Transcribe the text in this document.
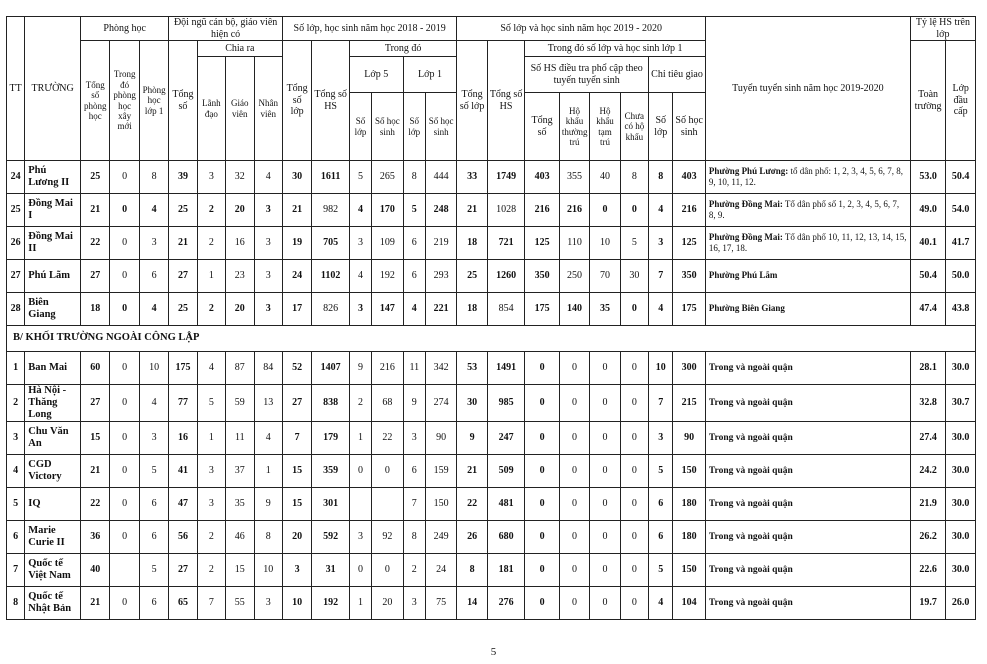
TT	TRƯỜNG	Phòng học			Đội ngũ cán bộ, giáo viên hiện có				Số lớp, học sinh năm học 2018 - 2019						Số lớp và học sinh năm học 2019 - 2020								Tuyển tuyển sinh năm học 2019-2020	Tỷ lệ HS trên lớp	
		Tổng số phòng học	Trong đó phòng học xây mới	Phòng học lớp 1	Tổng số	Chia ra			Tổng số lớp	Tổng số HS	Trong đó				Tổng số lớp	Tổng số HS	Trong đó số lớp và học sinh lớp 1							Toàn trường	Lớp đầu cấp
						Lãnh đạo	Giáo viên	Nhân viên			Lớp 5		Lớp 1				Số HS điều tra phổ cập theo tuyến tuyển sinh				Chỉ tiêu giao				
											Số lớp	Số học sinh	Số lớp	Số học sinh			Tổng số	Hộ khẩu thường trú	Hộ khẩu tạm trú	Chưa có hộ khẩu	Số lớp	Số học sinh			
24	Phú Lương II	25	0	8	39	3	32	4	30	1611	5	265	8	444	33	1749	403	355	40	8	8	403	Phường Phú Lương: tổ dân phố: 1, 2, 3, 4, 5, 6, 7, 8, 9, 10, 11, 12.	53.0	50.4
25	Đồng Mai I	21	0	4	25	2	20	3	21	982	4	170	5	248	21	1028	216	216	0	0	4	216	Phường Đồng Mai: Tổ dân phố số 1, 2, 3, 4, 5, 6, 7, 8, 9.	49.0	54.0
26	Đồng Mai II	22	0	3	21	2	16	3	19	705	3	109	6	219	18	721	125	110	10	5	3	125	Phường Đồng Mai: Tổ dân phố 10, 11, 12, 13, 14, 15, 16, 17, 18.	40.1	41.7
27	Phú Lãm	27	0	6	27	1	23	3	24	1102	4	192	6	293	25	1260	350	250	70	30	7	350	Phường Phú Lãm	50.4	50.0
28	Biên Giang	18	0	4	25	2	20	3	17	826	3	147	4	221	18	854	175	140	35	0	4	175	Phường Biên Giang	47.4	43.8
B/ KHỐI TRƯỜNG NGOÀI CÔNG LẬP																									
1	Ban Mai	60	0	10	175	4	87	84	52	1407	9	216	11	342	53	1491	0	0	0	0	10	300	Trong và ngoài quận	28.1	30.0
2	Hà Nội - Thăng Long	27	0	4	77	5	59	13	27	838	2	68	9	274	30	985	0	0	0	0	7	215	Trong và ngoài quận	32.8	30.7
3	Chu Văn An	15	0	3	16	1	11	4	7	179	1	22	3	90	9	247	0	0	0	0	3	90	Trong và ngoài quận	27.4	30.0
4	CGD Victory	21	0	5	41	3	37	1	15	359	0	0	6	159	21	509	0	0	0	0	5	150	Trong và ngoài quận	24.2	30.0
5	IQ	22	0	6	47	3	35	9	15	301			7	150	22	481	0	0	0	0	6	180	Trong và ngoài quận	21.9	30.0
6	Marie Curie II	36	0	6	56	2	46	8	20	592	3	92	8	249	26	680	0	0	0	0	6	180	Trong và ngoài quận	26.2	30.0
7	Quốc tế Việt Nam	40		5	27	2	15	10	3	31	0	0	2	24	8	181	0	0	0	0	5	150	Trong và ngoài quận	22.6	30.0
8	Quốc tế Nhật Bản	21	0	6	65	7	55	3	10	192	1	20	3	75	14	276	0	0	0	0	4	104	Trong và ngoài quận	19.7	26.0
5
